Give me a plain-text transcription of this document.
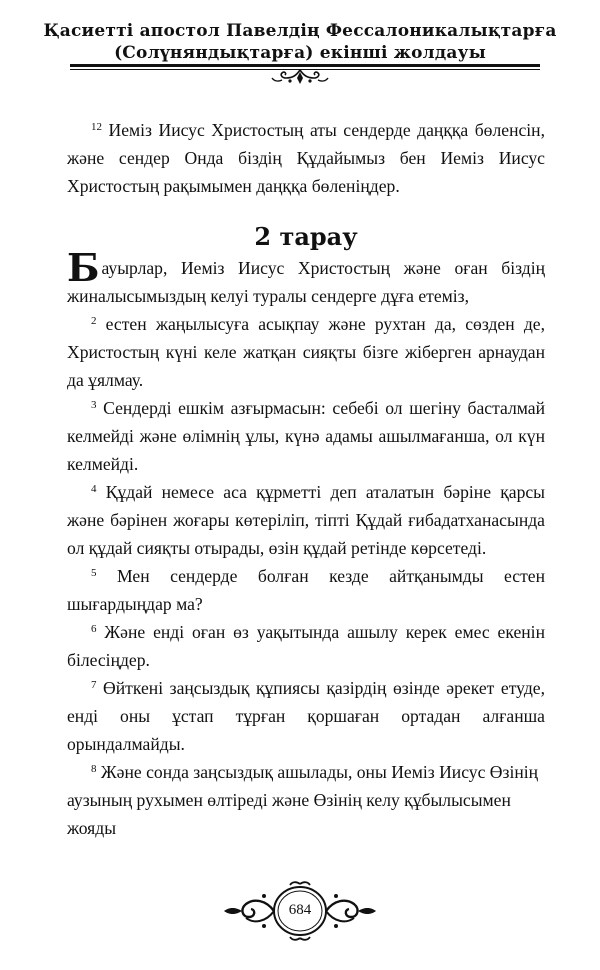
Қасиетті апостол Павелдің Фессалоникалықтарға
(Солүняндықтарға) екінші жолдауы

$^{12}$ Иеміз Иисус Христостың аты сендерде даңққа бөленсін, және сендер Онда біздің Құдайымыз бен Иеміз Иисус Христостың рақымымен даңққа бөленіңдер.

2 тарау

Бауырлар, Иеміз Иисус Христостың және оған біздің жиналысымыздың келуі туралы сендерге дұға етеміз,

$^2$ естен жаңылысуға асықпау және рухтан да, сөзден де, Христостың күні келе жатқан сияқты бізге жіберген арнаудан да ұялмау.

$^3$ Сендерді ешкім азғырмасын: себебі ол шегіну басталмай келмейді және өлімнің ұлы, күнә адамы ашылмағанша, ол күн келмейді.

$^4$ Құдай немесе аса құрметті деп аталатын бәріне қарсы және бәрінен жоғары көтеріліп, тіпті Құдай ғибадатханасында ол құдай сияқты отырады, өзін құдай ретінде көрсетеді.

$^5$ Мен сендерде болған кезде айтқанымды естен шығардыңдар ма?

$^6$ Және енді оған өз уақытында ашылу керек емес екенін білесіңдер.

$^7$ Өйткені заңсыздық құпиясы қазірдің өзінде әрекет етуде, енді оны ұстап тұрған қоршаған ортадан алғанша орындалмайды.

$^8$ Және сонда заңсыздық ашылады, оны Иеміз Иисус Өзінің аузының рухымен өлтіреді және Өзінің келу құбылысымен жояды

684
